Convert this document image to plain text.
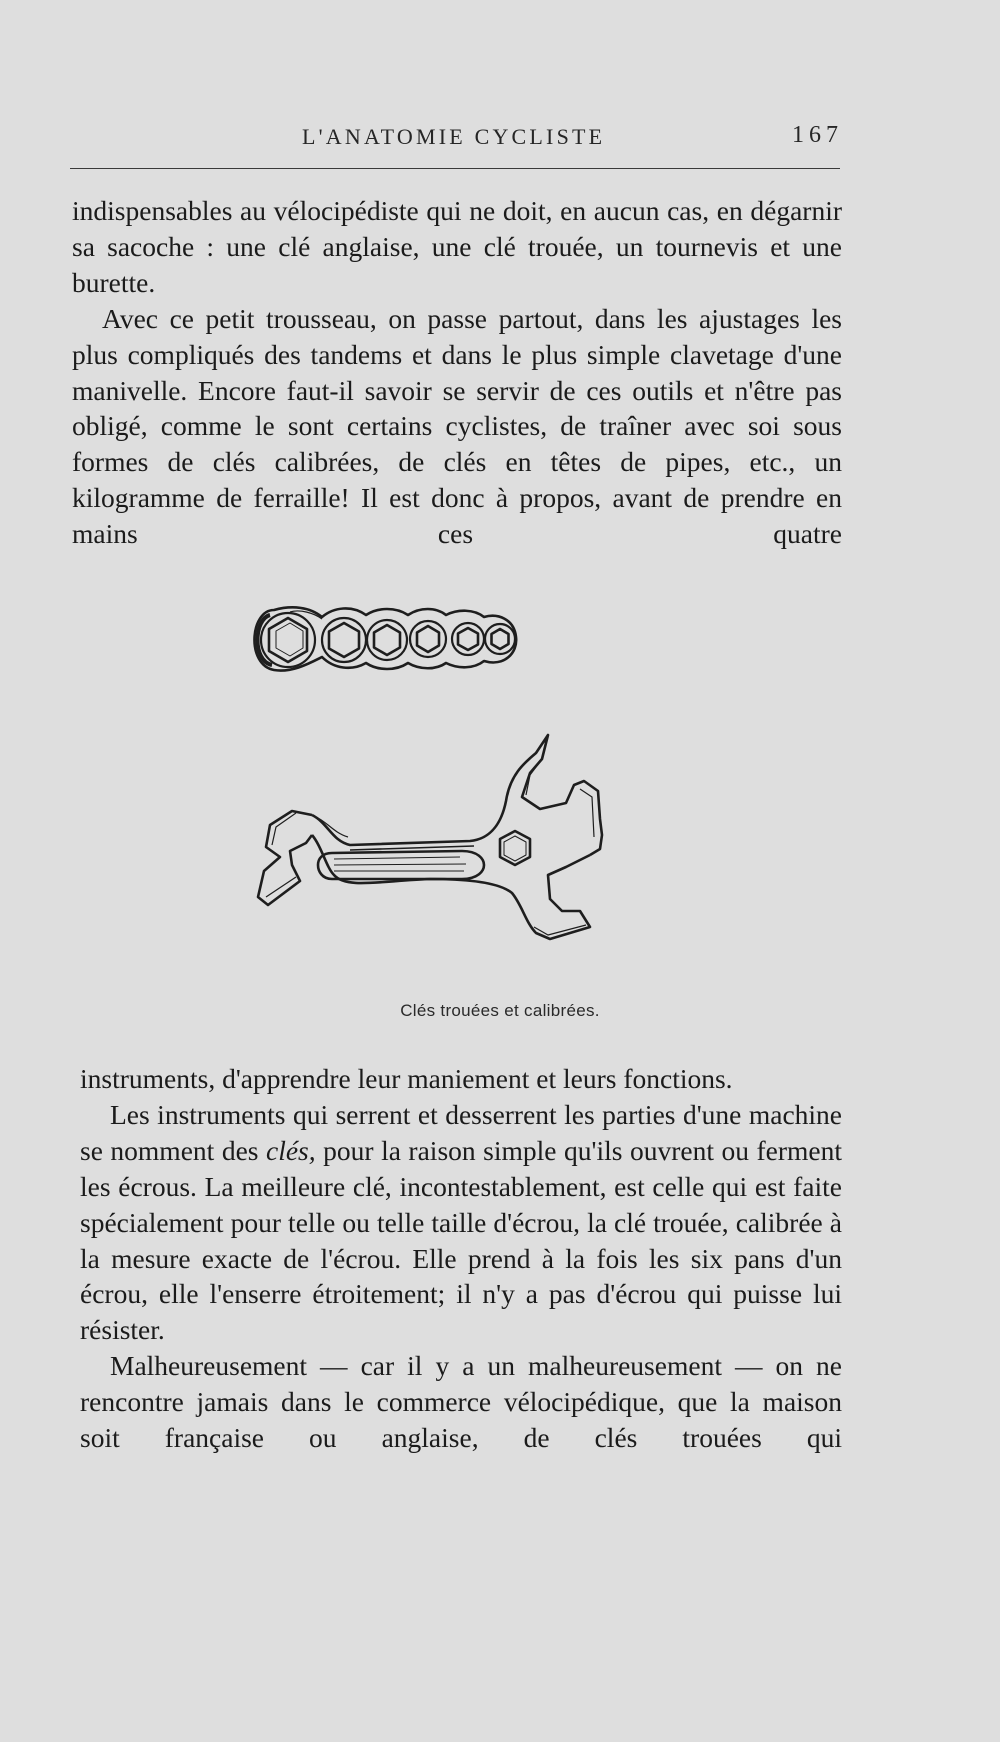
L'ANATOMIE CYCLISTE	167

indispensables au vélocipédiste qui ne doit, en aucun cas, en dégarnir sa sacoche : une clé anglaise, une clé trouée, un tournevis et une burette.

Avec ce petit trousseau, on passe partout, dans les ajustages les plus compliqués des tandems et dans le plus simple clavetage d'une manivelle. Encore faut-il savoir se servir de ces outils et n'être pas obligé, comme le sont certains cyclistes, de traîner avec soi sous formes de clés calibrées, de clés en têtes de pipes, etc., un kilogramme de ferraille! Il est donc à propos, avant de prendre en mains ces quatre

Clés trouées et calibrées.

instruments, d'apprendre leur maniement et leurs fonctions.

Les instruments qui serrent et desserrent les parties d'une machine se nomment des clés, pour la raison simple qu'ils ouvrent ou ferment les écrous. La meilleure clé, incontestablement, est celle qui est faite spécialement pour telle ou telle taille d'écrou, la clé trouée, calibrée à la mesure exacte de l'écrou. Elle prend à la fois les six pans d'un écrou, elle l'enserre étroitement; il n'y a pas d'écrou qui puisse lui résister.

Malheureusement — car il y a un malheureusement — on ne rencontre jamais dans le commerce vélocipédique, que la maison soit française ou anglaise, de clés trouées qui
